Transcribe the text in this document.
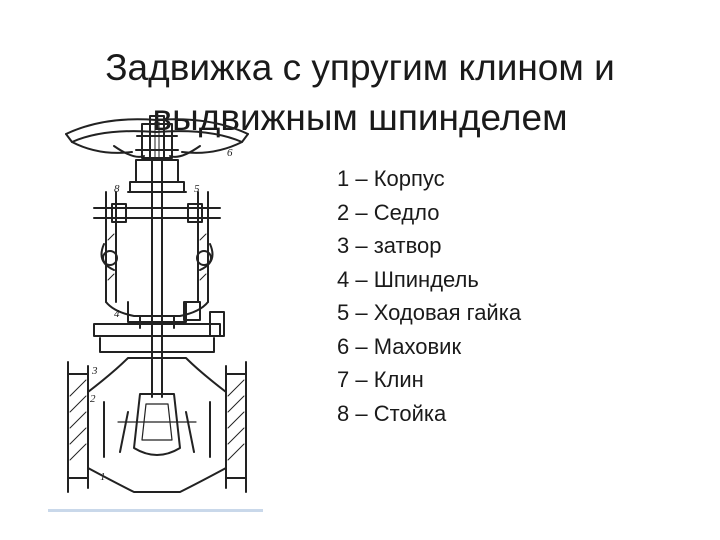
Задвижка с упругим клином и
выдвижным шпинделем
6
8	5
4
3
2
1
1 – Корпус
2 – Седло
3 – затвор
4 – Шпиндель
5 – Ходовая гайка
6 – Маховик
7 – Клин
8 – Стойка
